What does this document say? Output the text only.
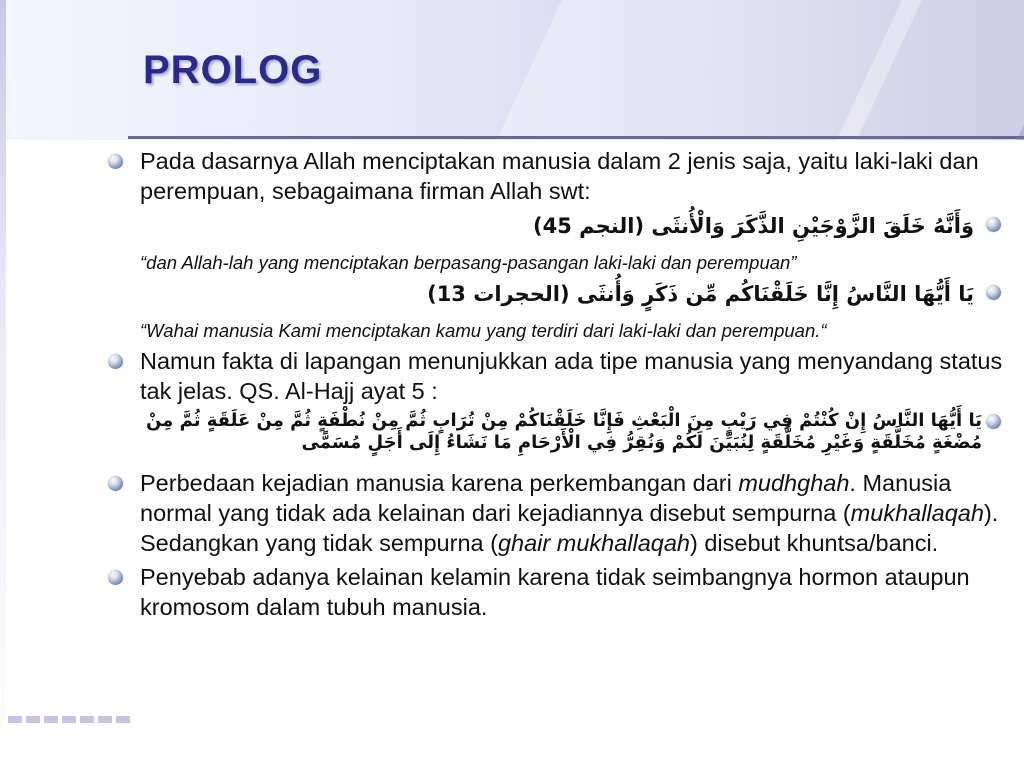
PROLOG
Pada dasarnya Allah menciptakan manusia dalam 2 jenis saja, yaitu laki-laki dan perempuan, sebagaimana firman Allah swt:
وَأَنَّهُ خَلَقَ الزَّوْجَيْنِ الذَّكَرَ وَالْأُنثَى (النجم 45)
“dan Allah-lah yang menciptakan berpasang-pasangan laki-laki dan perempuan”
يَا أَيُّهَا النَّاسُ إِنَّا خَلَقْنَاكُم مِّن ذَكَرٍ وَأُنثَى (الحجرات 13)
“Wahai manusia Kami menciptakan kamu yang terdiri dari laki-laki dan perempuan.“
Namun fakta di lapangan menunjukkan ada tipe manusia yang menyandang status tak jelas. QS. Al-Hajj ayat 5 :
يَا أَيُّهَا النَّاسُ إِنْ كُنْتُمْ فِي رَيْبٍ مِنَ الْبَعْثِ فَإِنَّا خَلَقْنَاكُمْ مِنْ تُرَابٍ ثُمَّ مِنْ نُطْفَةٍ ثُمَّ مِنْ عَلَقَةٍ ثُمَّ مِنْ مُضْغَةٍ مُخَلَّقَةٍ وَغَيْرِ مُخَلَّقَةٍ لِنُبَيِّنَ لَكُمْ وَنُقِرُّ فِي الْأَرْحَامِ مَا نَشَاءُ إِلَى أَجَلٍ مُسَمًّى
Perbedaan kejadian manusia karena perkembangan dari mudhghah. Manusia normal yang tidak ada kelainan dari kejadiannya disebut sempurna (mukhallaqah). Sedangkan yang tidak sempurna (ghair mukhallaqah) disebut khuntsa/banci.
Penyebab adanya kelainan kelamin karena tidak seimbangnya hormon ataupun kromosom dalam tubuh manusia.
